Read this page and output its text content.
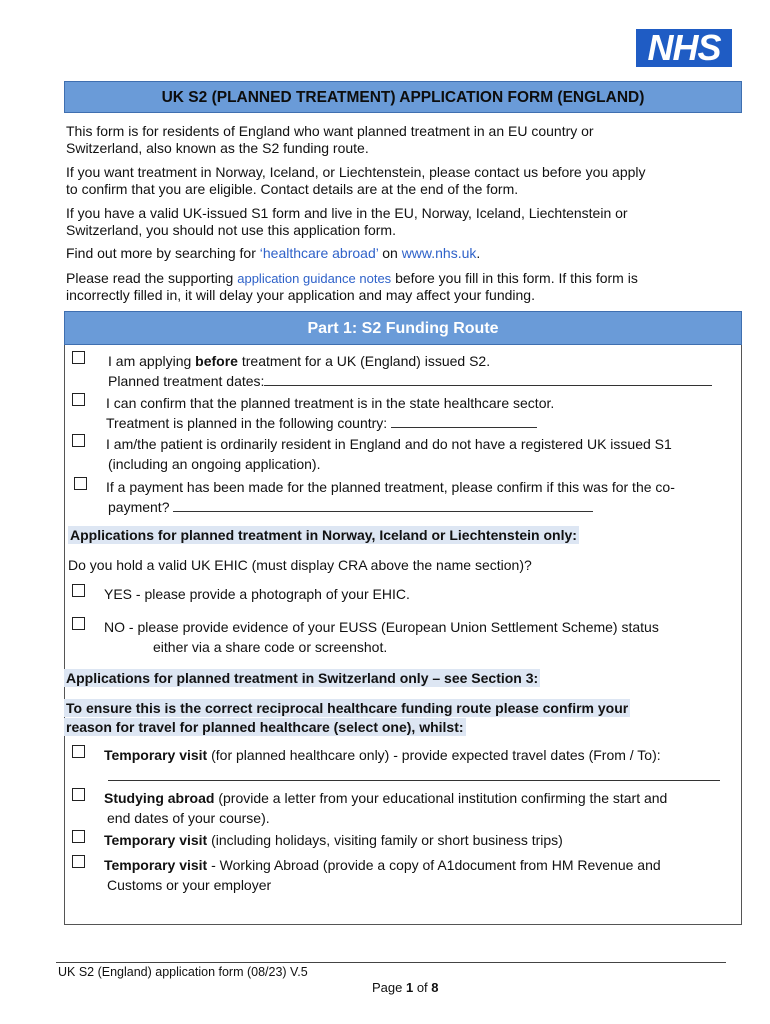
NHS
UK S2 (PLANNED TREATMENT) APPLICATION FORM (ENGLAND)
This form is for residents of England who want planned treatment in an EU country or
Switzerland, also known as the S2 funding route.
If you want treatment in Norway, Iceland, or Liechtenstein, please contact us before you apply
to confirm that you are eligible. Contact details are at the end of the form.
If you have a valid UK-issued S1 form and live in the EU, Norway, Iceland, Liechtenstein or
Switzerland, you should not use this application form.
Find out more by searching for ‘healthcare abroad’ on www.nhs.uk.
Please read the supporting application guidance notes before you fill in this form. If this form is
incorrectly filled in, it will delay your application and may affect your funding.
Part 1: S2 Funding Route
I am applying before treatment for a UK (England) issued S2.
Planned treatment dates:
I can confirm that the planned treatment is in the state healthcare sector.
Treatment is planned in the following country:
I am/the patient is ordinarily resident in England and do not have a registered UK issued S1
(including an ongoing application).
If a payment has been made for the planned treatment, please confirm if this was for the co-
payment?
Applications for planned treatment in Norway, Iceland or Liechtenstein only:
Do you hold a valid UK EHIC (must display CRA above the name section)?
YES - please provide a photograph of your EHIC.
NO - please provide evidence of your EUSS (European Union Settlement Scheme) status
either via a share code or screenshot.
Applications for planned treatment in Switzerland only – see Section 3:
To ensure this is the correct reciprocal healthcare funding route please confirm your
reason for travel for planned healthcare (select one), whilst:
Temporary visit (for planned healthcare only) - provide expected travel dates (From / To):
Studying abroad (provide a letter from your educational institution confirming the start and
end dates of your course).
Temporary visit (including holidays, visiting family or short business trips)
Temporary visit - Working Abroad (provide a copy of A1document from HM Revenue and
Customs or your employer
UK S2 (England) application form (08/23) V.5
Page 1 of 8
